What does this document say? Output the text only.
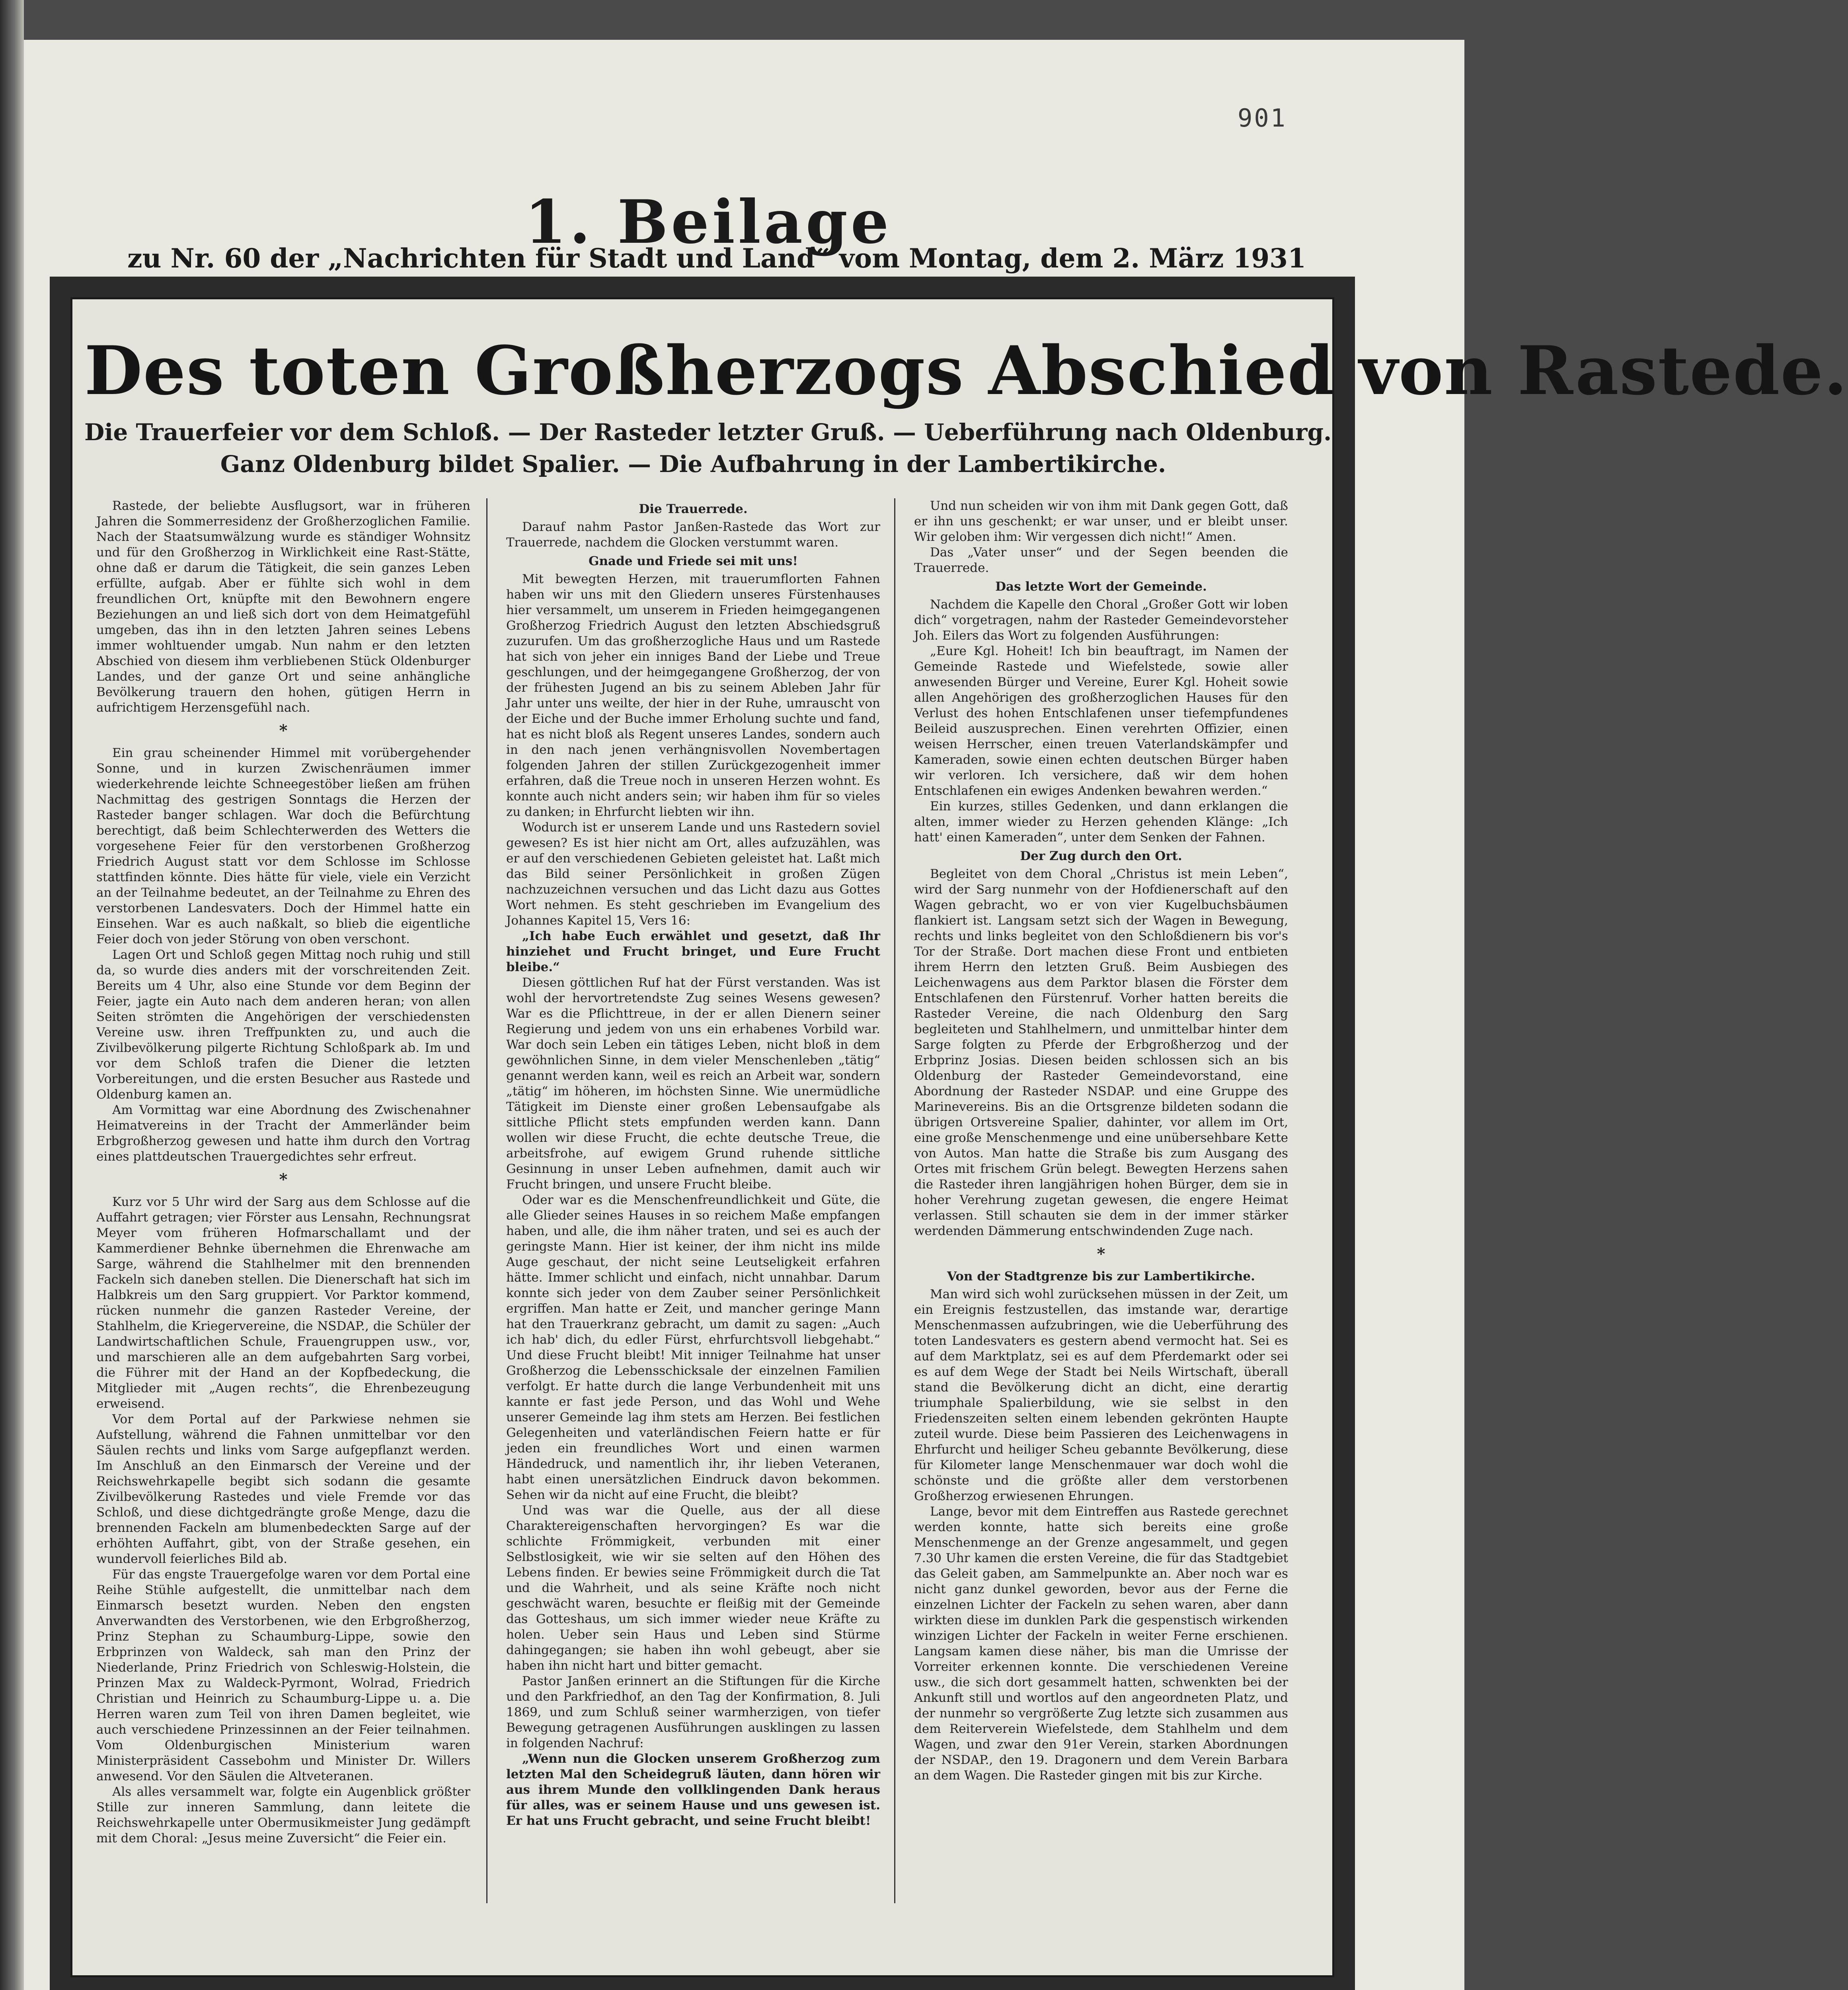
901
1. Beilage
zu Nr. 60 der „Nachrichten für Stadt und Land“ vom Montag, dem 2. März 1931
Des toten Großherzogs Abschied von Rastede.
Die Trauerfeier vor dem Schloß. — Der Rasteder letzter Gruß. — Ueberführung nach Oldenburg.
Ganz Oldenburg bildet Spalier. — Die Aufbahrung in der Lambertikirche.

Rastede, der beliebte Ausflugsort, war in früheren Jahren die Sommerresidenz der Großherzoglichen Familie. Nach der Staatsumwälzung wurde es ständiger Wohnsitz und für den Großherzog in Wirklichkeit eine Rast-Stätte, ohne daß er darum die Tätigkeit, die sein ganzes Leben erfüllte, aufgab. Aber er fühlte sich wohl in dem freundlichen Ort, knüpfte mit den Bewohnern engere Beziehungen an und ließ sich dort von dem Heimatgefühl umgeben, das ihn in den letzten Jahren seines Lebens immer wohltuender umgab. Nun nahm er den letzten Abschied von diesem ihm verbliebenen Stück Oldenburger Landes, und der ganze Ort und seine anhängliche Bevölkerung trauern den hohen, gütigen Herrn in aufrichtigem Herzensgefühl nach.

*

Ein grau scheinender Himmel mit vorübergehender Sonne, und in kurzen Zwischenräumen immer wiederkehrende leichte Schneegestöber ließen am frühen Nachmittag des gestrigen Sonntags die Herzen der Rasteder banger schlagen. War doch die Befürchtung berechtigt, daß beim Schlechterwerden des Wetters die vorgesehene Feier für den verstorbenen Großherzog Friedrich August statt vor dem Schlosse im Schlosse stattfinden könnte. Dies hätte für viele, viele ein Verzicht an der Teilnahme bedeutet, an der Teilnahme zu Ehren des verstorbenen Landesvaters. Doch der Himmel hatte ein Einsehen. War es auch naßkalt, so blieb die eigentliche Feier doch von jeder Störung von oben verschont.

Lagen Ort und Schloß gegen Mittag noch ruhig und still da, so wurde dies anders mit der vorschreitenden Zeit. Bereits um 4 Uhr, also eine Stunde vor dem Beginn der Feier, jagte ein Auto nach dem anderen heran; von allen Seiten strömten die Angehörigen der verschiedensten Vereine usw. ihren Treffpunkten zu, und auch die Zivilbevölkerung pilgerte Richtung Schloßpark ab. Im und vor dem Schloß trafen die Diener die letzten Vorbereitungen, und die ersten Besucher aus Rastede und Oldenburg kamen an.

Am Vormittag war eine Abordnung des Zwischenahner Heimatvereins in der Tracht der Ammerländer beim Erbgroßherzog gewesen und hatte ihm durch den Vortrag eines plattdeutschen Trauergedichtes sehr erfreut.

*

Kurz vor 5 Uhr wird der Sarg aus dem Schlosse auf die Auffahrt getragen; vier Förster aus Lensahn, Rechnungsrat Meyer vom früheren Hofmarschallamt und der Kammerdiener Behnke übernehmen die Ehrenwache am Sarge, während die Stahlhelmer mit den brennenden Fackeln sich daneben stellen. Die Dienerschaft hat sich im Halbkreis um den Sarg gruppiert. Vor Parktor kommend, rücken nunmehr die ganzen Rasteder Vereine, der Stahlhelm, die Kriegervereine, die NSDAP., die Schüler der Landwirtschaftlichen Schule, Frauengruppen usw., vor, und marschieren alle an dem aufgebahrten Sarg vorbei, die Führer mit der Hand an der Kopfbedeckung, die Mitglieder mit „Augen rechts“, die Ehrenbezeugung erweisend.

Vor dem Portal auf der Parkwiese nehmen sie Aufstellung, während die Fahnen unmittelbar vor den Säulen rechts und links vom Sarge aufgepflanzt werden. Im Anschluß an den Einmarsch der Vereine und der Reichswehrkapelle begibt sich sodann die gesamte Zivilbevölkerung Rastedes und viele Fremde vor das Schloß, und diese dichtgedrängte große Menge, dazu die brennenden Fackeln am blumenbedeckten Sarge auf der erhöhten Auffahrt, gibt, von der Straße gesehen, ein wundervoll feierliches Bild ab.

Für das engste Trauergefolge waren vor dem Portal eine Reihe Stühle aufgestellt, die unmittelbar nach dem Einmarsch besetzt wurden. Neben den engsten Anverwandten des Verstorbenen, wie den Erbgroßherzog, Prinz Stephan zu Schaumburg-Lippe, sowie den Erbprinzen von Waldeck, sah man den Prinz der Niederlande, Prinz Friedrich von Schleswig-Holstein, die Prinzen Max zu Waldeck-Pyrmont, Wolrad, Friedrich Christian und Heinrich zu Schaumburg-Lippe u. a. Die Herren waren zum Teil von ihren Damen begleitet, wie auch verschiedene Prinzessinnen an der Feier teilnahmen. Vom Oldenburgischen Ministerium waren Ministerpräsident Cassebohm und Minister Dr. Willers anwesend. Vor den Säulen die Altveteranen.

Als alles versammelt war, folgte ein Augenblick größter Stille zur inneren Sammlung, dann leitete die Reichswehrkapelle unter Obermusikmeister Jung gedämpft mit dem Choral: „Jesus meine Zuversicht“ die Feier ein.

Die Trauerrede.

Darauf nahm Pastor Janßen-Rastede das Wort zur Trauerrede, nachdem die Glocken verstummt waren.

Gnade und Friede sei mit uns!

Mit bewegten Herzen, mit trauerumflorten Fahnen haben wir uns mit den Gliedern unseres Fürstenhauses hier versammelt, um unserem in Frieden heimgegangenen Großherzog Friedrich August den letzten Abschiedsgruß zuzurufen. Um das großherzogliche Haus und um Rastede hat sich von jeher ein inniges Band der Liebe und Treue geschlungen, und der heimgegangene Großherzog, der von der frühesten Jugend an bis zu seinem Ableben Jahr für Jahr unter uns weilte, der hier in der Ruhe, umrauscht von der Eiche und der Buche immer Erholung suchte und fand, hat es nicht bloß als Regent unseres Landes, sondern auch in den nach jenen verhängnisvollen Novembertagen folgenden Jahren der stillen Zurückgezogenheit immer erfahren, daß die Treue noch in unseren Herzen wohnt. Es konnte auch nicht anders sein; wir haben ihm für so vieles zu danken; in Ehrfurcht liebten wir ihn.

Wodurch ist er unserem Lande und uns Rastedern soviel gewesen? Es ist hier nicht am Ort, alles aufzuzählen, was er auf den verschiedenen Gebieten geleistet hat. Laßt mich das Bild seiner Persönlichkeit in großen Zügen nachzuzeichnen versuchen und das Licht dazu aus Gottes Wort nehmen. Es steht geschrieben im Evangelium des Johannes Kapitel 15, Vers 16:

„Ich habe Euch erwählet und gesetzt, daß Ihr hinziehet und Frucht bringet, und Eure Frucht bleibe.“

Diesen göttlichen Ruf hat der Fürst verstanden. Was ist wohl der hervortretendste Zug seines Wesens gewesen? War es die Pflichttreue, in der er allen Dienern seiner Regierung und jedem von uns ein erhabenes Vorbild war. War doch sein Leben ein tätiges Leben, nicht bloß in dem gewöhnlichen Sinne, in dem vieler Menschenleben „tätig“ genannt werden kann, weil es reich an Arbeit war, sondern „tätig“ im höheren, im höchsten Sinne. Wie unermüdliche Tätigkeit im Dienste einer großen Lebensaufgabe als sittliche Pflicht stets empfunden werden kann. Dann wollen wir diese Frucht, die echte deutsche Treue, die arbeitsfrohe, auf ewigem Grund ruhende sittliche Gesinnung in unser Leben aufnehmen, damit auch wir Frucht bringen, und unsere Frucht bleibe.

Oder war es die Menschenfreundlichkeit und Güte, die alle Glieder seines Hauses in so reichem Maße empfangen haben, und alle, die ihm näher traten, und sei es auch der geringste Mann. Hier ist keiner, der ihm nicht ins milde Auge geschaut, der nicht seine Leutseligkeit erfahren hätte. Immer schlicht und einfach, nicht unnahbar. Darum konnte sich jeder von dem Zauber seiner Persönlichkeit ergriffen. Man hatte er Zeit, und mancher geringe Mann hat den Trauerkranz gebracht, um damit zu sagen: „Auch ich hab' dich, du edler Fürst, ehrfurchtsvoll liebgehabt.“ Und diese Frucht bleibt! Mit inniger Teilnahme hat unser Großherzog die Lebensschicksale der einzelnen Familien verfolgt. Er hatte durch die lange Verbundenheit mit uns kannte er fast jede Person, und das Wohl und Wehe unserer Gemeinde lag ihm stets am Herzen. Bei festlichen Gelegenheiten und vaterländischen Feiern hatte er für jeden ein freundliches Wort und einen warmen Händedruck, und namentlich ihr, ihr lieben Veteranen, habt einen unersätzlichen Eindruck davon bekommen. Sehen wir da nicht auf eine Frucht, die bleibt?

Und was war die Quelle, aus der all diese Charaktereigenschaften hervorgingen? Es war die schlichte Frömmigkeit, verbunden mit einer Selbstlosigkeit, wie wir sie selten auf den Höhen des Lebens finden. Er bewies seine Frömmigkeit durch die Tat und die Wahrheit, und als seine Kräfte noch nicht geschwächt waren, besuchte er fleißig mit der Gemeinde das Gotteshaus, um sich immer wieder neue Kräfte zu holen. Ueber sein Haus und Leben sind Stürme dahingegangen; sie haben ihn wohl gebeugt, aber sie haben ihn nicht hart und bitter gemacht.

Pastor Janßen erinnert an die Stiftungen für die Kirche und den Parkfriedhof, an den Tag der Konfirmation, 8. Juli 1869, und zum Schluß seiner warmherzigen, von tiefer Bewegung getragenen Ausführungen ausklingen zu lassen in folgenden Nachruf:

„Wenn nun die Glocken unserem Großherzog zum letzten Mal den Scheidegruß läuten, dann hören wir aus ihrem Munde den vollklingenden Dank heraus für alles, was er seinem Hause und uns gewesen ist. Er hat uns Frucht gebracht, und seine Frucht bleibt!

Und nun scheiden wir von ihm mit Dank gegen Gott, daß er ihn uns geschenkt; er war unser, und er bleibt unser. Wir geloben ihm: Wir vergessen dich nicht!“ Amen.

Das „Vater unser“ und der Segen beenden die Trauerrede.

Das letzte Wort der Gemeinde.

Nachdem die Kapelle den Choral „Großer Gott wir loben dich“ vorgetragen, nahm der Rasteder Gemeindevorsteher Joh. Eilers das Wort zu folgenden Ausführungen:

„Eure Kgl. Hoheit! Ich bin beauftragt, im Namen der Gemeinde Rastede und Wiefelstede, sowie aller anwesenden Bürger und Vereine, Eurer Kgl. Hoheit sowie allen Angehörigen des großherzoglichen Hauses für den Verlust des hohen Entschlafenen unser tiefempfundenes Beileid auszusprechen. Einen verehrten Offizier, einen weisen Herrscher, einen treuen Vaterlandskämpfer und Kameraden, sowie einen echten deutschen Bürger haben wir verloren. Ich versichere, daß wir dem hohen Entschlafenen ein ewiges Andenken bewahren werden.“

Ein kurzes, stilles Gedenken, und dann erklangen die alten, immer wieder zu Herzen gehenden Klänge: „Ich hatt' einen Kameraden“, unter dem Senken der Fahnen.

Der Zug durch den Ort.

Begleitet von dem Choral „Christus ist mein Leben“, wird der Sarg nunmehr von der Hofdienerschaft auf den Wagen gebracht, wo er von vier Kugelbuchsbäumen flankiert ist. Langsam setzt sich der Wagen in Bewegung, rechts und links begleitet von den Schloßdienern bis vor's Tor der Straße. Dort machen diese Front und entbieten ihrem Herrn den letzten Gruß. Beim Ausbiegen des Leichenwagens aus dem Parktor blasen die Förster dem Entschlafenen den Fürstenruf. Vorher hatten bereits die Rasteder Vereine, die nach Oldenburg den Sarg begleiteten und Stahlhelmern, und unmittelbar hinter dem Sarge folgten zu Pferde der Erbgroßherzog und der Erbprinz Josias. Diesen beiden schlossen sich an bis Oldenburg der Rasteder Gemeindevorstand, eine Abordnung der Rasteder NSDAP. und eine Gruppe des Marinevereins. Bis an die Ortsgrenze bildeten sodann die übrigen Ortsvereine Spalier, dahinter, vor allem im Ort, eine große Menschenmenge und eine unübersehbare Kette von Autos. Man hatte die Straße bis zum Ausgang des Ortes mit frischem Grün belegt. Bewegten Herzens sahen die Rasteder ihren langjährigen hohen Bürger, dem sie in hoher Verehrung zugetan gewesen, die engere Heimat verlassen. Still schauten sie dem in der immer stärker werdenden Dämmerung entschwindenden Zuge nach.

*

Von der Stadtgrenze bis zur Lambertikirche.

Man wird sich wohl zurücksehen müssen in der Zeit, um ein Ereignis festzustellen, das imstande war, derartige Menschenmassen aufzubringen, wie die Ueberführung des toten Landesvaters es gestern abend vermocht hat. Sei es auf dem Marktplatz, sei es auf dem Pferdemarkt oder sei es auf dem Wege der Stadt bei Neils Wirtschaft, überall stand die Bevölkerung dicht an dicht, eine derartig triumphale Spalierbildung, wie sie selbst in den Friedenszeiten selten einem lebenden gekrönten Haupte zuteil wurde. Diese beim Passieren des Leichenwagens in Ehrfurcht und heiliger Scheu gebannte Bevölkerung, diese für Kilometer lange Menschenmauer war doch wohl die schönste und die größte aller dem verstorbenen Großherzog erwiesenen Ehrungen.

Lange, bevor mit dem Eintreffen aus Rastede gerechnet werden konnte, hatte sich bereits eine große Menschenmenge an der Grenze angesammelt, und gegen 7.30 Uhr kamen die ersten Vereine, die für das Stadtgebiet das Geleit gaben, am Sammelpunkte an. Aber noch war es nicht ganz dunkel geworden, bevor aus der Ferne die einzelnen Lichter der Fackeln zu sehen waren, aber dann wirkten diese im dunklen Park die gespenstisch wirkenden winzigen Lichter der Fackeln in weiter Ferne erschienen. Langsam kamen diese näher, bis man die Umrisse der Vorreiter erkennen konnte. Die verschiedenen Vereine usw., die sich dort gesammelt hatten, schwenkten bei der Ankunft still und wortlos auf den angeordneten Platz, und der nunmehr so vergrößerte Zug letzte sich zusammen aus dem Reiterverein Wiefelstede, dem Stahlhelm und dem Wagen, und zwar den 91er Verein, starken Abordnungen der NSDAP., den 19. Dragonern und dem Verein Barbara an dem Wagen. Die Rasteder gingen mit bis zur Kirche.
